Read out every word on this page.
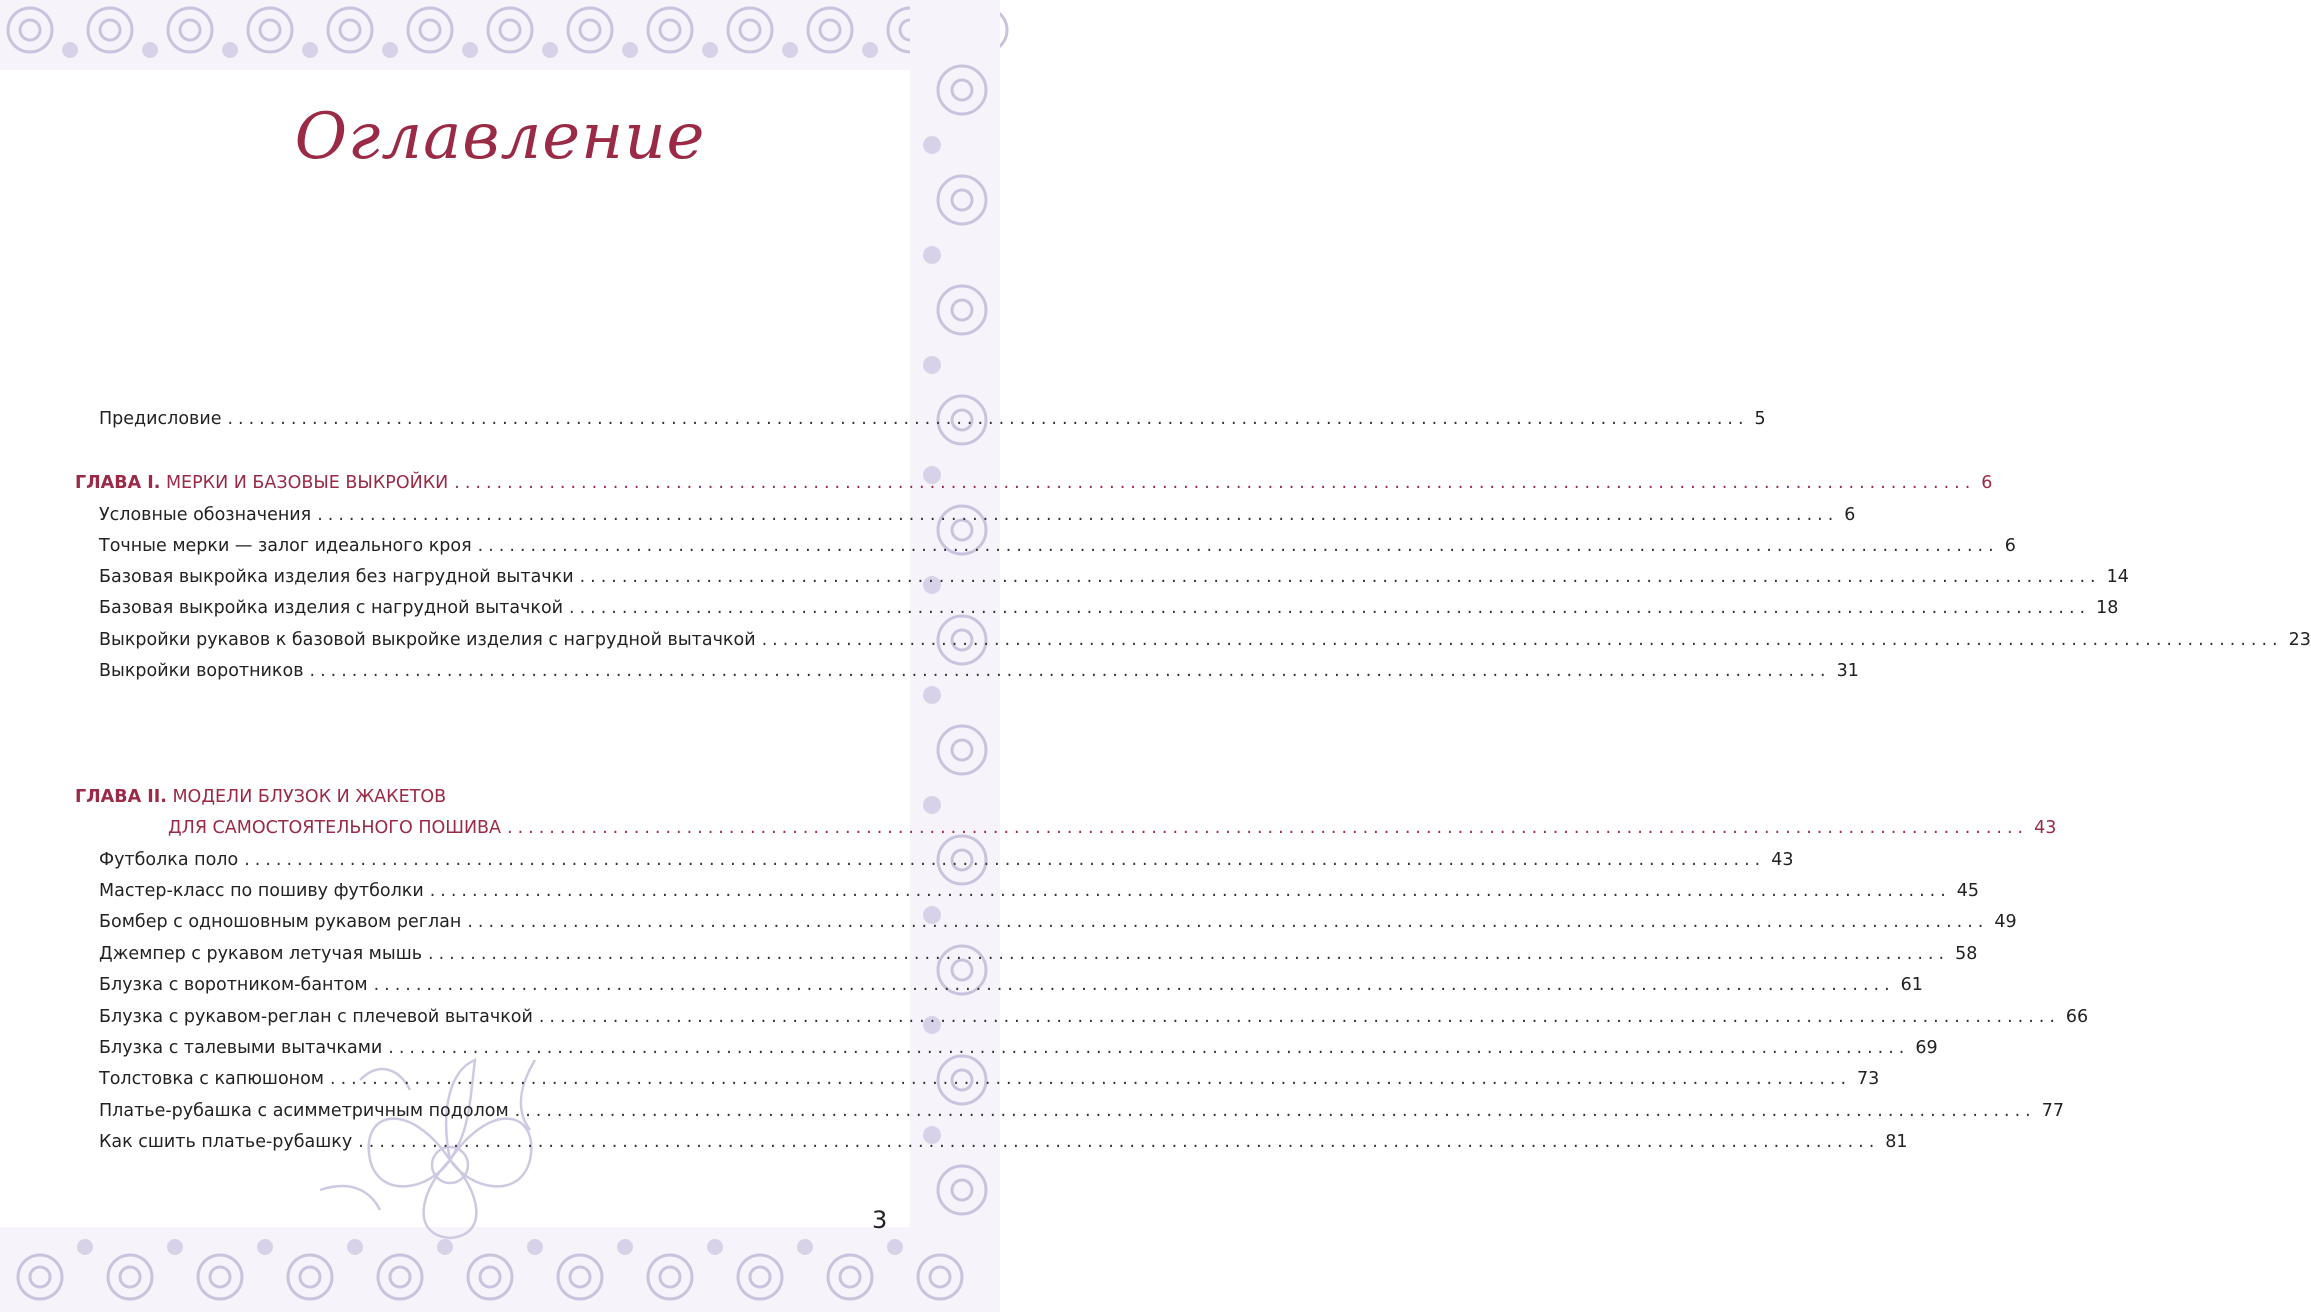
Оглавление
Предисловие ................................................................................................................................................ 5
ГЛАВА I. МЕРКИ И БАЗОВЫЕ ВЫКРОЙКИ ................................................................................................................................................ 6
Условные обозначения ................................................................................................................................................ 6
Точные мерки — залог идеального кроя ................................................................................................................................................ 6
Базовая выкройка изделия без нагрудной вытачки ................................................................................................................................................ 14
Базовая выкройка изделия с нагрудной вытачкой ................................................................................................................................................ 18
Выкройки рукавов к базовой выкройке изделия с нагрудной вытачкой ................................................................................................................................................ 23
Выкройки воротников ................................................................................................................................................ 31
ГЛАВА II. МОДЕЛИ БЛУЗОК И ЖАКЕТОВ
ДЛЯ САМОСТОЯТЕЛЬНОГО ПОШИВА ................................................................................................................................................ 43
Футболка поло ................................................................................................................................................ 43
Мастер-класс по пошиву футболки ................................................................................................................................................ 45
Бомбер с одношовным рукавом реглан ................................................................................................................................................ 49
Джемпер с рукавом летучая мышь ................................................................................................................................................ 58
Блузка с воротником-бантом ................................................................................................................................................ 61
Блузка с рукавом-реглан с плечевой вытачкой ................................................................................................................................................ 66
Блузка с талевыми вытачками ................................................................................................................................................ 69
Толстовка с капюшоном ................................................................................................................................................ 73
Платье-рубашка с асимметричным подолом ................................................................................................................................................ 77
Как сшить платье-рубашку ................................................................................................................................................ 81
3
